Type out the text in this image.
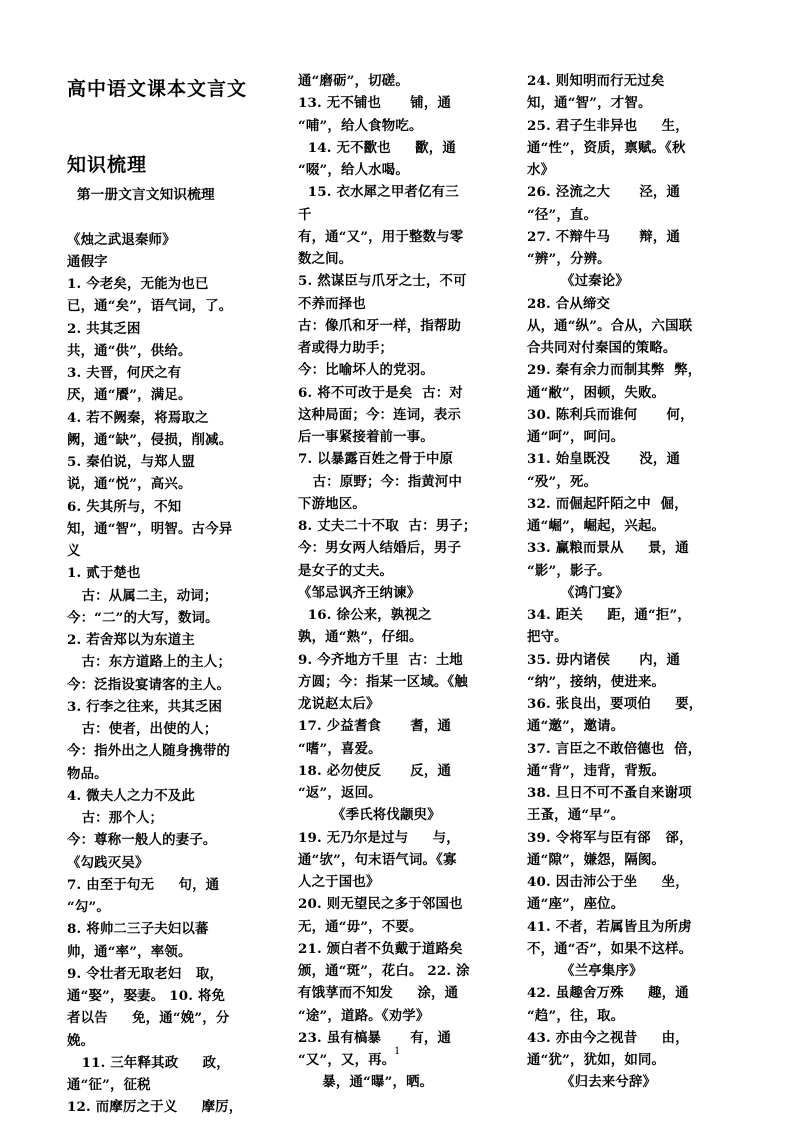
高中语文课本文言文
知识梳理
第一册文言文知识梳理
《烛之武退秦师》
通假字
1. 今老矣，无能为也已
已，通“矣”，语气词，了。
2. 共其乏困
共，通“供”，供给。
3. 夫晋，何厌之有
厌，通“餍”，满足。
4. 若不阙秦，将焉取之
阙，通“缺”，侵损，削减。
5. 秦伯说，与郑人盟
说，通“悦”，高兴。
6. 失其所与，不知
知，通“智”，明智。古今异
义
1. 贰于楚也
古：从属二主，动词；
今：“二”的大写，数词。
2. 若舍郑以为东道主
古：东方道路上的主人；
今：泛指设宴请客的主人。
3. 行李之往来，共其乏困
古：使者，出使的人；
今：指外出之人随身携带的
物品。
4. 微夫人之力不及此
古：那个人；
今：尊称一般人的妻子。
《勾践灭吴》
7. 由至于句无     句，通
“勾”。
8. 将帅二三子夫妇以蕃
帅，通“率”，率领。
9. 令壮者无取老妇   取，
通“娶”，娶妻。 10. 将免
者以告     免，通“娩”，分
娩。
11. 三年释其政     政，
通“征”，征税
12. 而摩厉之于义     摩厉，
通“磨砺”，切磋。
13. 无不铺也      铺，通
“哺”，给人食物吃。
14. 无不歠也     歠，通
“啜”，给人水喝。
15. 衣水犀之甲者亿有三
千
有，通“又”，用于整数与零
数之间。
5. 然谋臣与爪牙之士，不可
不养而择也
古：像爪和牙一样，指帮助
者或得力助手；
今：比喻坏人的党羽。
6. 将不可改于是矣  古：对
这种局面；今：连词，表示
后一事紧接着前一事。
7. 以暴露百姓之骨于中原
古：原野；今：指黄河中
下游地区。
8. 丈夫二十不取  古：男子；
今：男女两人结婚后，男子
是女子的丈夫。
《邹忌讽齐王纳谏》
16. 徐公来，孰视之
孰，通“熟”，仔细。
9. 今齐地方千里  古：土地
方圆；今：指某一区域。《触
龙说赵太后》
17. 少益耆食      耆，通
“嗜”，喜爱。
18. 必勿使反      反，通
“返”，返回。
《季氏将伐颛臾》
19. 无乃尔是过与     与，
通“欤”，句末语气词。《寡
人之于国也》
20. 则无望民之多于邻国也
无，通“毋”，不要。
21. 颁白者不负戴于道路矣
颁，通“斑”，花白。 22. 涂
有饿莩而不知发     涂，通
“途”，道路。《劝学》
23. 虽有槁暴      有，通
“又”，又，再。
暴，通“曝”，晒。
24. 则知明而行无过矣
知，通“智”，才智。
25. 君子生非异也     生，
通“性”，资质，禀赋。《秋
水》
26. 泾流之大      泾，通
“径”，直。
27. 不辩牛马      辩，通
“辨”，分辨。
《过秦论》
28. 合从缔交
从，通“纵”。合从，六国联
合共同对付秦国的策略。
29. 秦有余力而制其弊  弊，
通“敝”，困顿，失败。
30. 陈利兵而谁何      何，
通“呵”，呵问。
31. 始皇既没      没，通
“殁”，死。
32. 而倔起阡陌之中  倔，
通“崛”，崛起，兴起。
33. 赢粮而景从     景，通
“影”，影子。
《鸿门宴》
34. 距关     距，通“拒”，
把守。
35. 毋内诸侯      内，通
“纳”，接纳，使进来。
36. 张良出，要项伯     要，
通“邀”，邀请。
37. 言臣之不敢倍德也  倍，
通“背”，违背，背叛。
38. 旦日不可不蚤自来谢项
王蚤，通“早”。
39. 令将军与臣有郤   郤，
通“隙”，嫌怨，隔阂。
40. 因击沛公于坐     坐，
通“座”，座位。
41. 不者，若属皆且为所虏
不，通“否”，如果不这样。
《兰亭集序》
42. 虽趣舍万殊     趣，通
“趋”，往，取。
43. 亦由今之视昔     由，
通“犹”，犹如，如同。
《归去来兮辞》
1
